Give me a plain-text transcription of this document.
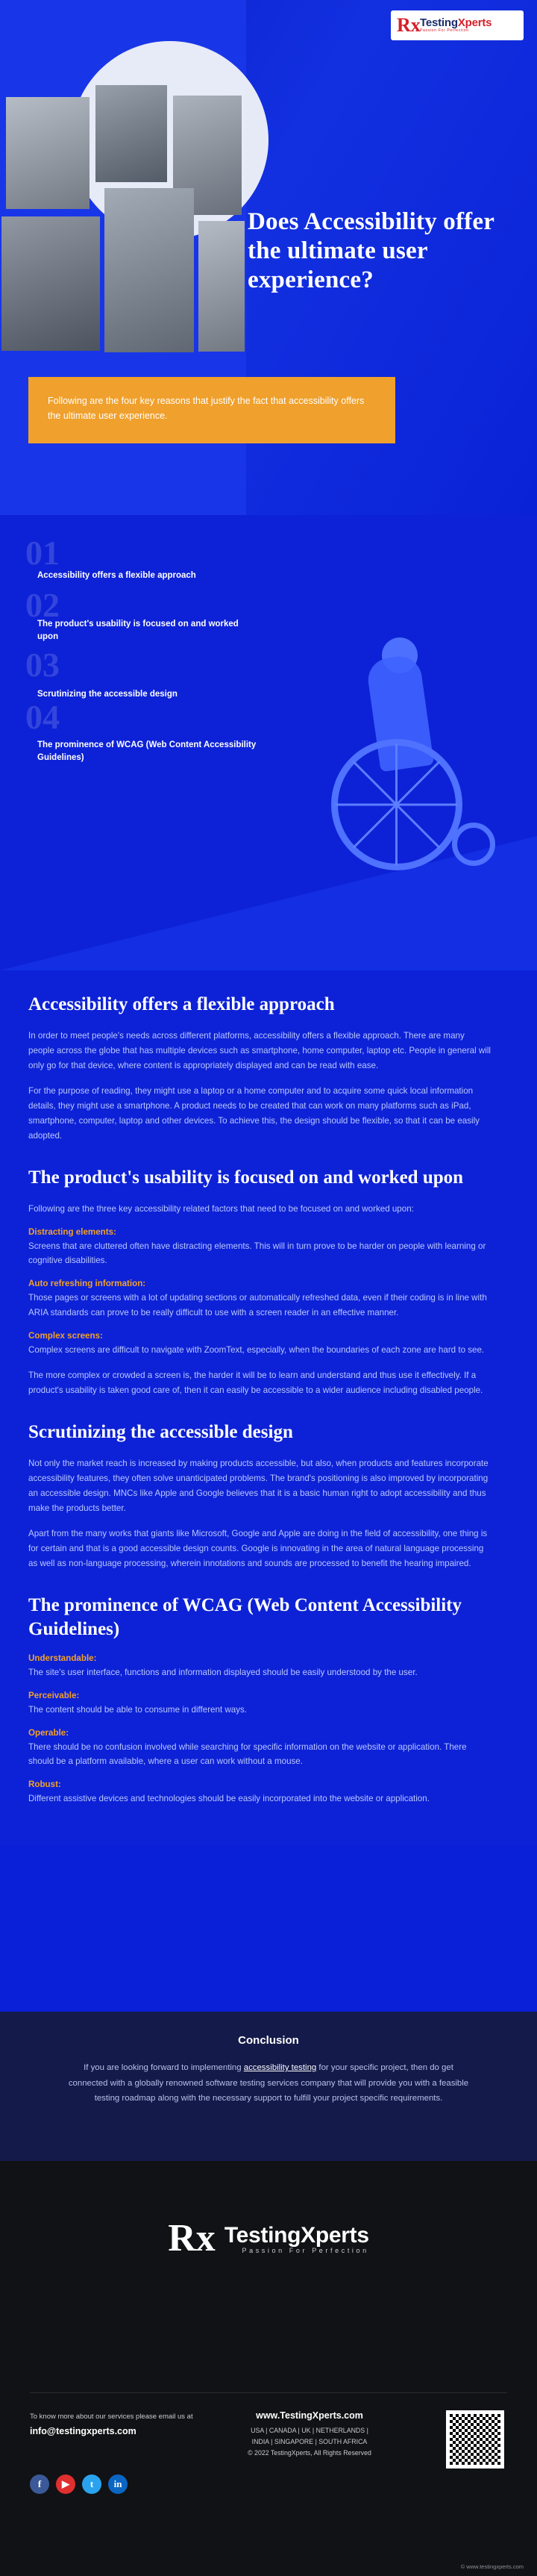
Rx TestingXperts
Passion For Perfection
Does Accessibility offer the ultimate user experience?
Following are the four key reasons that justify the fact that accessibility offers the ultimate user experience.
01
Accessibility offers a flexible approach
02
The product's usability is focused on and worked upon
03
Scrutinizing the accessible design
04
The prominence of WCAG (Web Content Accessibility Guidelines)
Accessibility offers a flexible approach

In order to meet people's needs across different platforms, accessibility offers a flexible approach. There are many people across the globe that has multiple devices such as smartphone, home computer, laptop etc. People in general will only go for that device, where content is appropriately displayed and can be read with ease.

For the purpose of reading, they might use a laptop or a home computer and to acquire some quick local information details, they might use a smartphone. A product needs to be created that can work on many platforms such as iPad, smartphone, computer, laptop and other devices. To achieve this, the design should be flexible, so that it can be easily adopted.

The product's usability is focused on and worked upon

Following are the three key accessibility related factors that need to be focused on and worked upon:

Distracting elements:

Screens that are cluttered often have distracting elements. This will in turn prove to be harder on people with learning or cognitive disabilities.

Auto refreshing information:

Those pages or screens with a lot of updating sections or automatically refreshed data, even if their coding is in line with ARIA standards can prove to be really difficult to use with a screen reader in an effective manner.

Complex screens:

Complex screens are difficult to navigate with ZoomText, especially, when the boundaries of each zone are hard to see.

The more complex or crowded a screen is, the harder it will be to learn and understand and thus use it effectively. If a product's usability is taken good care of, then it can easily be accessible to a wider audience including disabled people.

Scrutinizing the accessible design

Not only the market reach is increased by making products accessible, but also, when products and features incorporate accessibility features, they often solve unanticipated problems. The brand's positioning is also improved by incorporating an accessible design. MNCs like Apple and Google believes that it is a basic human right to adopt accessibility and thus make the products better.

Apart from the many works that giants like Microsoft, Google and Apple are doing in the field of accessibility, one thing is for certain and that is a good accessible design counts. Google is innovating in the area of natural language processing as well as non-language processing, wherein innotations and sounds are processed to benefit the hearing impaired.

The prominence of WCAG (Web Content Accessibility Guidelines)
Understandable:

The site's user interface, functions and information displayed should be easily understood by the user.

Perceivable:

The content should be able to consume in different ways.

Operable:

There should be no confusion involved while searching for specific information on the website or application. There should be a platform available, where a user can work without a mouse.

Robust:

Different assistive devices and technologies should be easily incorporated into the website or application.

Conclusion

If you are looking forward to implementing accessibility testing for your specific project, then do get connected with a globally renowned software testing services company that will provide you with a feasible testing roadmap along with the necessary support to fulfill your project specific requirements.

Rx TestingXperts
Passion For Perfection
To know more about our services please email us at
info@testingxperts.com
f	▶	t	in
www.TestingXperts.com
USA | CANADA | UK | NETHERLANDS |
INDIA | SINGAPORE | SOUTH AFRICA
© 2022 TestingXperts, All Rights Reserved
© www.testingxperts.com
